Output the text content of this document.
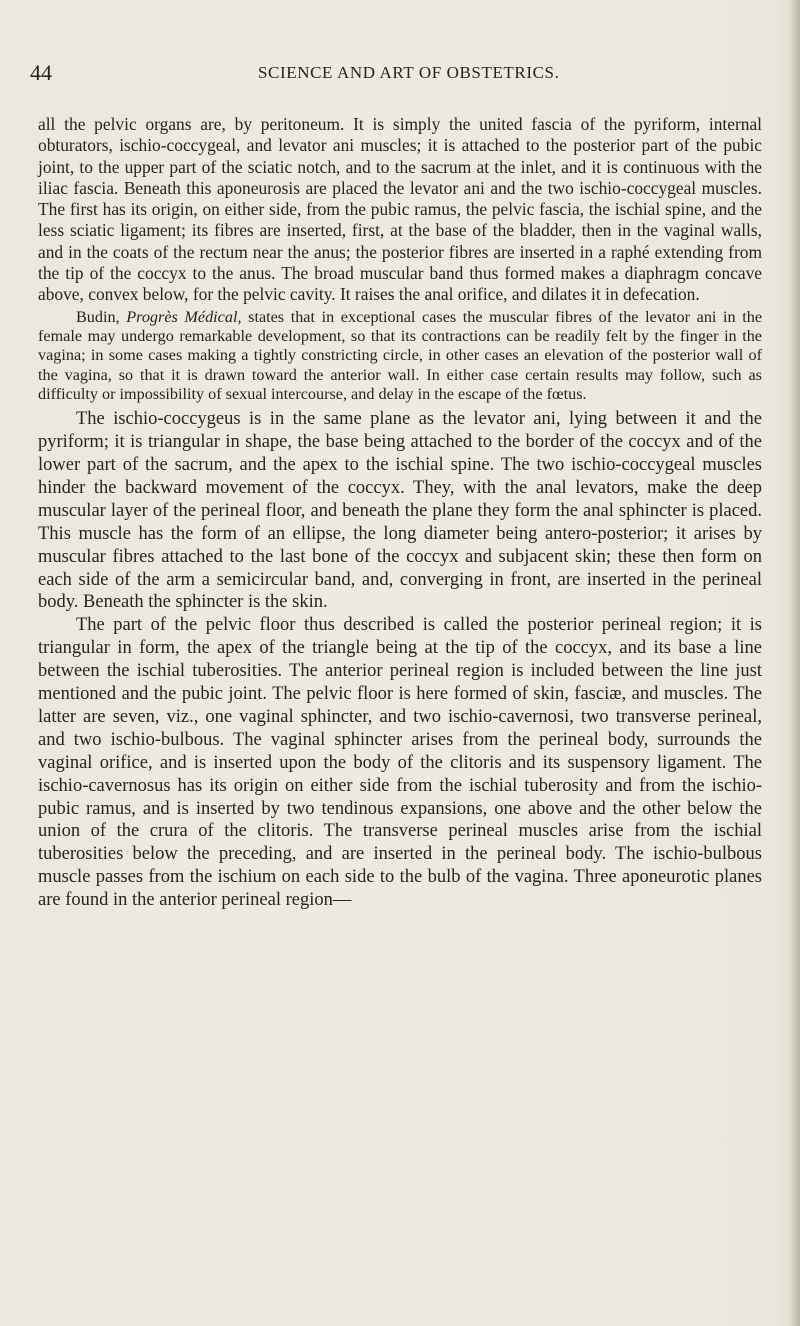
44	SCIENCE AND ART OF OBSTETRICS.

all the pelvic organs are, by peritoneum. It is simply the united fascia of the pyriform, internal obturators, ischio-coccygeal, and levator ani muscles; it is attached to the posterior part of the pubic joint, to the upper part of the sciatic notch, and to the sacrum at the inlet, and it is continuous with the iliac fascia. Beneath this aponeurosis are placed the levator ani and the two ischio-coccygeal muscles. The first has its origin, on either side, from the pubic ramus, the pelvic fascia, the ischial spine, and the less sciatic ligament; its fibres are inserted, first, at the base of the bladder, then in the vaginal walls, and in the coats of the rectum near the anus; the posterior fibres are inserted in a raphé extending from the tip of the coccyx to the anus. The broad muscular band thus formed makes a diaphragm concave above, convex below, for the pelvic cavity. It raises the anal orifice, and dilates it in defecation.

Budin, Progrès Médical, states that in exceptional cases the muscular fibres of the levator ani in the female may undergo remarkable development, so that its contractions can be readily felt by the finger in the vagina; in some cases making a tightly constricting circle, in other cases an elevation of the posterior wall of the vagina, so that it is drawn toward the anterior wall. In either case certain results may follow, such as difficulty or impossibility of sexual intercourse, and delay in the escape of the fœtus.

The ischio-coccygeus is in the same plane as the levator ani, lying between it and the pyriform; it is triangular in shape, the base being attached to the border of the coccyx and of the lower part of the sacrum, and the apex to the ischial spine. The two ischio-coccygeal muscles hinder the backward movement of the coccyx. They, with the anal levators, make the deep muscular layer of the perineal floor, and beneath the plane they form the anal sphincter is placed. This muscle has the form of an ellipse, the long diameter being antero-posterior; it arises by muscular fibres attached to the last bone of the coccyx and subjacent skin; these then form on each side of the arm a semicircular band, and, converging in front, are inserted in the perineal body. Beneath the sphincter is the skin.

The part of the pelvic floor thus described is called the posterior perineal region; it is triangular in form, the apex of the triangle being at the tip of the coccyx, and its base a line between the ischial tuberosities. The anterior perineal region is included between the line just mentioned and the pubic joint. The pelvic floor is here formed of skin, fasciæ, and muscles. The latter are seven, viz., one vaginal sphincter, and two ischio-cavernosi, two transverse perineal, and two ischio-bulbous. The vaginal sphincter arises from the perineal body, surrounds the vaginal orifice, and is inserted upon the body of the clitoris and its suspensory ligament. The ischio-cavernosus has its origin on either side from the ischial tuberosity and from the ischio-pubic ramus, and is inserted by two tendinous expansions, one above and the other below the union of the crura of the clitoris. The transverse perineal muscles arise from the ischial tuberosities below the preceding, and are inserted in the perineal body. The ischio-bulbous muscle passes from the ischium on each side to the bulb of the vagina. Three aponeurotic planes are found in the anterior perineal region—
